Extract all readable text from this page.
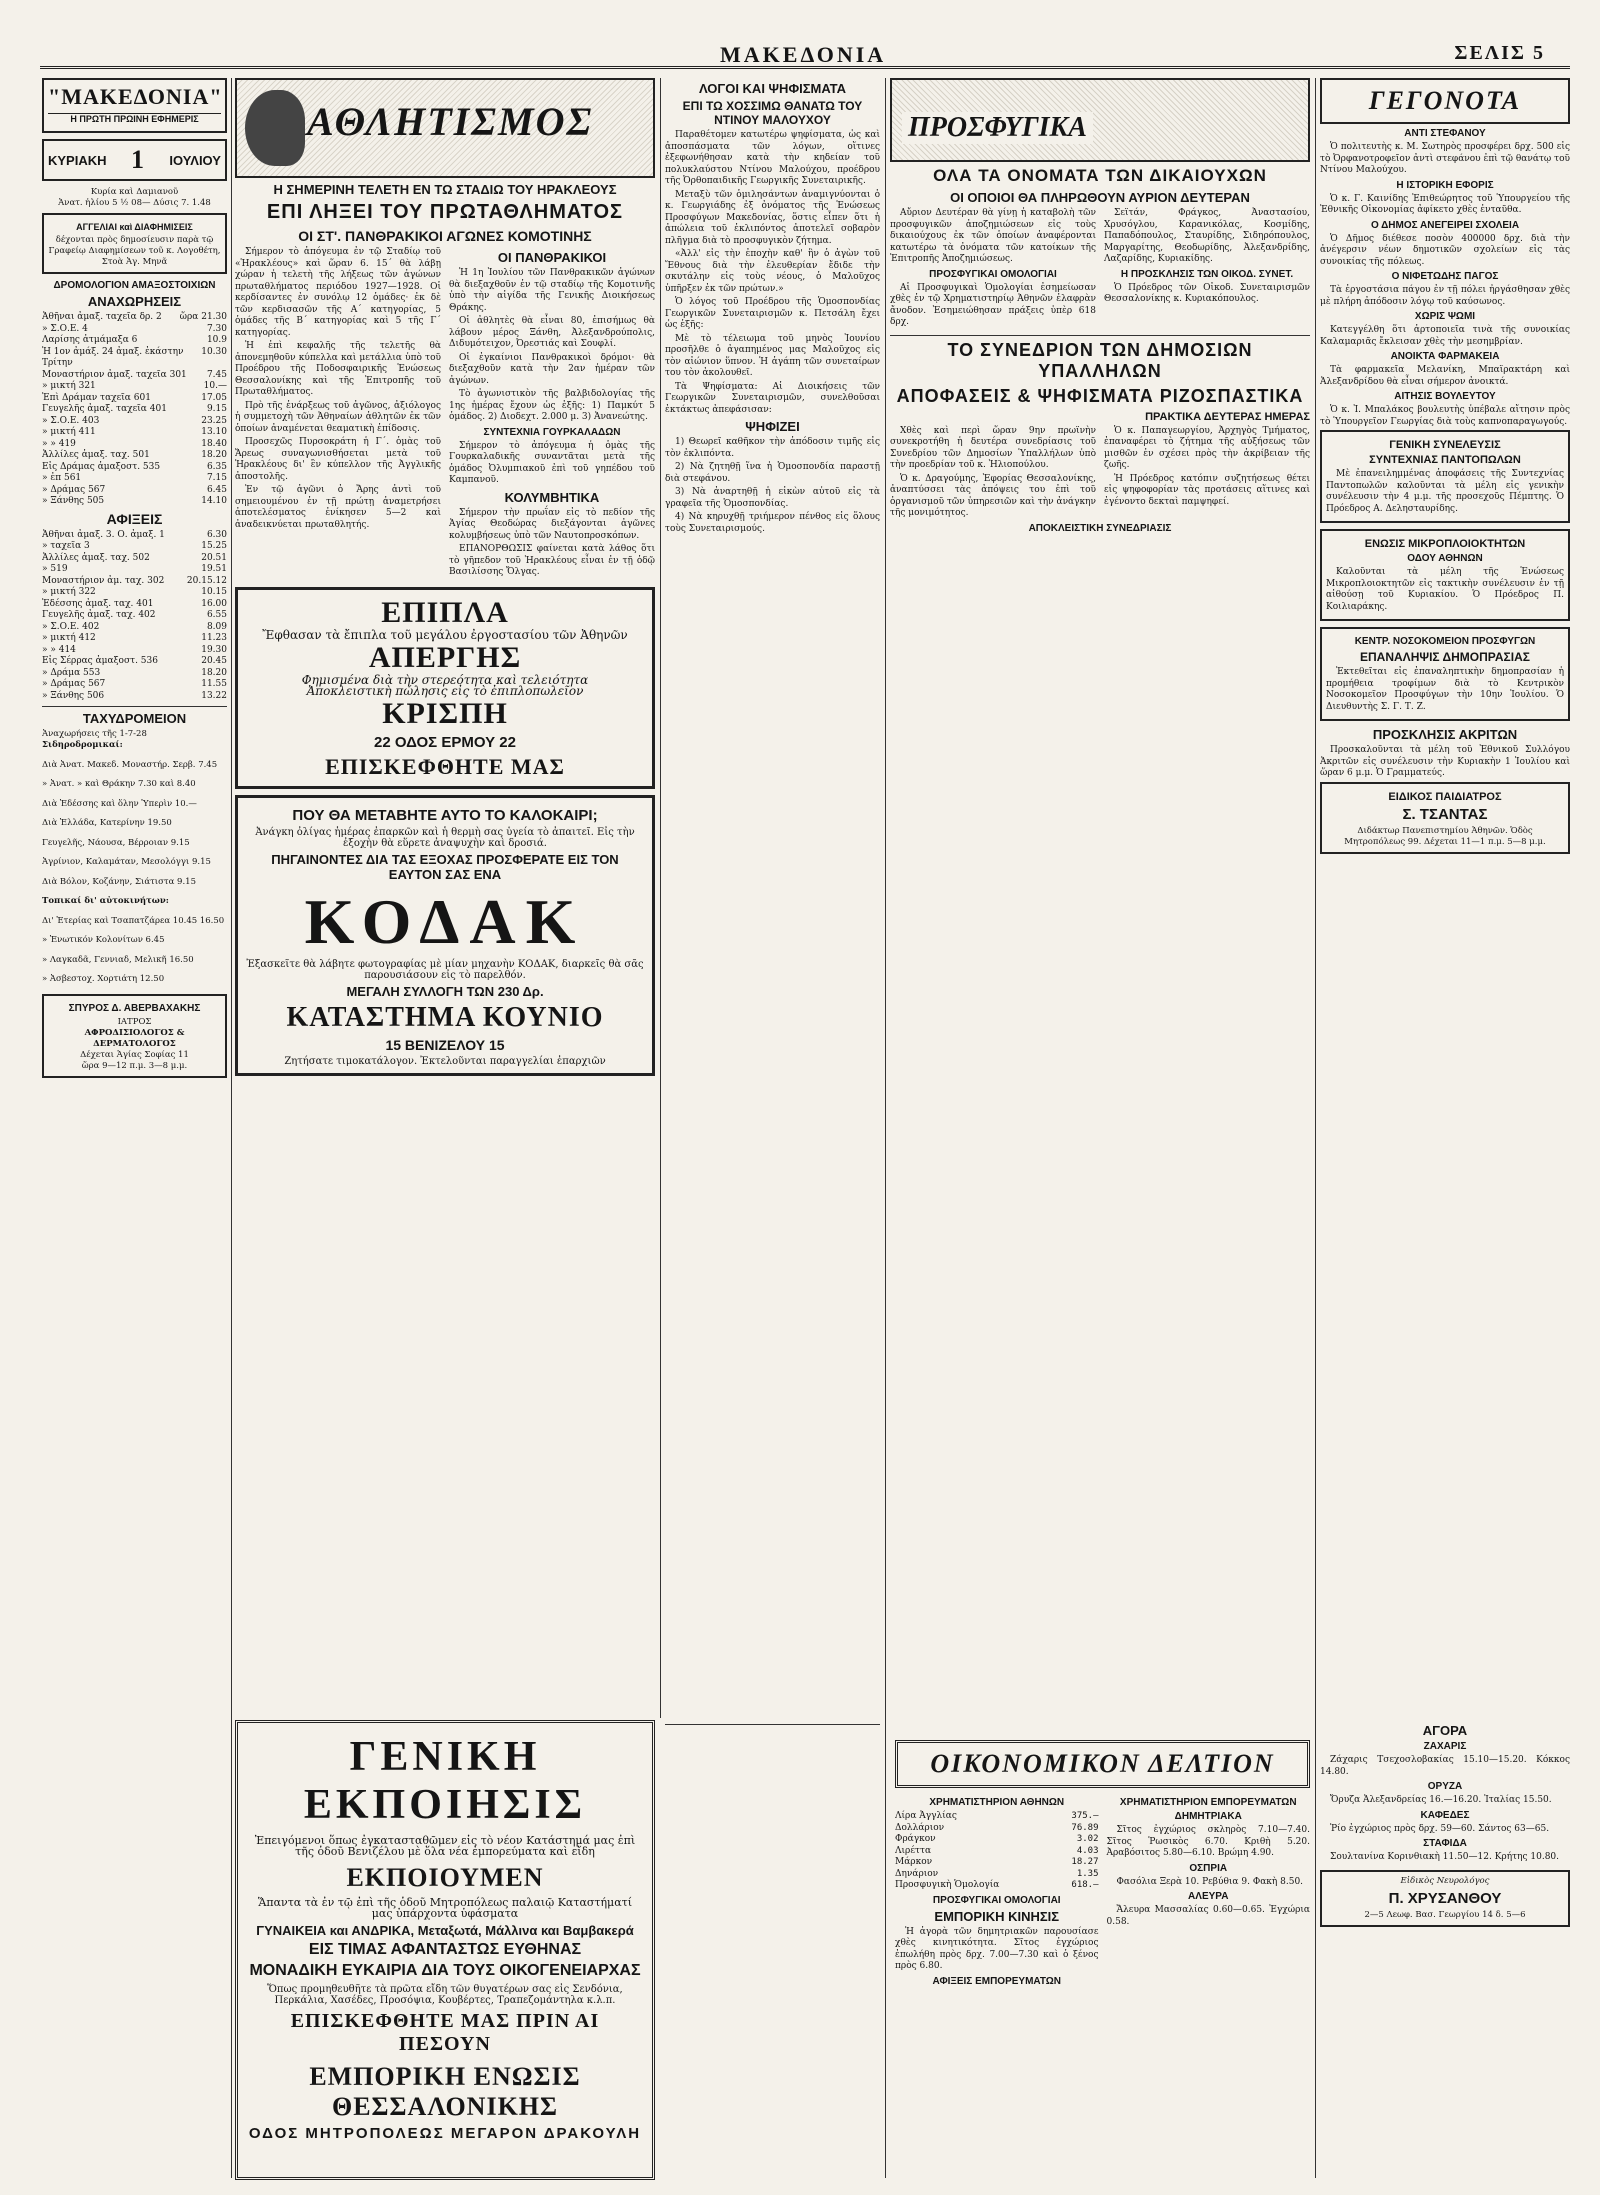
ΜΑΚΕΔΟΝΙΑ	ΣΕΛΙΣ 5
"ΜΑΚΕΔΟΝΙΑ"
Η ΠΡΩΤΗ ΠΡΩΙΝΗ ΕΦΗΜΕΡΙΣ
ΚΥΡΙΑΚΗ 1 ΙΟΥΛΙΟΥ
Κυρία καὶ Δαμιανοῦ
Ἀνατ. ἡλίου 5 ½ 08— Δύσις 7. 1.48
ΑΓΓΕΛΙΑΙ καὶ ΔΙΑΦΗΜΙΣΕΙΣ
δέχονται πρὸς δημοσίευσιν παρὰ τῷ Γραφείῳ Διαφημίσεων τοῦ κ. Λογοθέτη, Στοὰ Ἀγ. Μηνᾶ
ΔΡΟΜΟΛΟΓΙΟΝ ΑΜΑΞΟΣΤΟΙΧΙΩΝ
ΑΝΑΧΩΡΗΣΕΙΣ
Ἀθῆναι ἀμαξ. ταχεῖα δρ. 2 ὥρα 21.30
» Σ.Ο.Ε. 4	7.30
Λαρίσης ἀτμάμαξα 6	10.9
Ἡ 1ον ἀμάξ. 24 ἀμαξ. ἐκάστην Τρίτην
10.30
Μοναστήριον ἀμαξ. ταχεῖα 301 7.45
» μικτή 321	10.—
Ἐπὶ Δράμαν ταχεῖα 601	17.05
Γευγελῆς ἀμαξ. ταχεῖα 401	9.15
» Σ.Ο.Ε. 403	23.25
» μικτή 411	13.10
» » 419	18.40
Ἀλλίλες ἀμαξ. ταχ. 501	18.20
Εἰς Δράμας ἀμαξοστ. 535	6.35
» ἐπ 561	7.15
» Δράμας 567	6.45
» Ξάνθης 505	14.10
ΑΦΙΞΕΙΣ
Ἀθῆναι ἀμαξ. 3. Ο. ἀμαξ. 1	6.30
» ταχεῖα 3	15.25
Ἀλλίλες ἀμαξ. ταχ. 502	20.51
» 519	19.51
Μοναστήριον ἀμ. ταχ. 302	20.15.12
» μικτή 322	10.15
Ἐδέσσης ἀμαξ. ταχ. 401	16.00
Γευγελῆς ἀμαξ. ταχ. 402	6.55
» Σ.Ο.Ε. 402	8.09
» μικτή 412	11.23
» » 414	19.30
Εἰς Σέρρας ἀμαξοστ. 536	20.45
» Δράμα 553	18.20
» Δράμας 567	11.55
» Ξάνθης 506	13.22
ΤΑΧΥΔΡΟΜΕΙΟΝ
Ἀναχωρήσεις τῆς 1-7-28
Σιδηροδρομικαί:

Διὰ Ἀνατ. Μακεδ. Μοναστήρ. Σερβ. 7.45

» Ἀνατ. » καὶ Θράκην 7.30 καὶ 8.40

Διὰ Ἐδέσσης καὶ ὅλην Ὑπερὶν 10.—

Διὰ Ἑλλάδα, Κατερίνην 19.50

Γευγελῆς, Νάουσα, Βέρροιαν 9.15

Ἀγρίνιον, Καλαμάταν, Μεσολόγγι 9.15

Διὰ Βόλον, Κοζάνην, Σιάτιστα 9.15

Τοπικαί δι' αὐτοκινήτων:

Δι' Ἑτερίας καὶ Τσαπατζάρεα 10.45 16.50

» Ἐνωτικόν Κολονίτων 6.45

» Λαγκαδᾶ, Γεννιαδ, Μελικῆ 16.50

» Ἀσβεστοχ. Χορτιάτη 12.50

ΣΠΥΡΟΣ Δ. ΑΒΕΡΒΑΧΑΚΗΣ
ΙΑΤΡΟΣ
ΑΦΡΟΔΙΣΙΟΛΟΓΟΣ & ΔΕΡΜΑΤΟΛΟΓΟΣ
Δέχεται Ἁγίας Σοφίας 11
ὥρα 9—12 π.μ. 3—8 μ.μ.
ΑΘΛΗΤΙΣΜΟΣ
Η ΣΗΜΕΡΙΝΗ ΤΕΛΕΤΗ ΕΝ ΤΩ ΣΤΑΔΙΩ ΤΟΥ ΗΡΑΚΛΕΟΥΣ
ΕΠΙ ΛΗΞΕΙ ΤΟΥ ΠΡΩΤΑΘΛΗΜΑΤΟΣ
ΟΙ ΣΤ'. ΠΑΝΘΡΑΚΙΚΟΙ ΑΓΩΝΕΣ ΚΟΜΟΤΙΝΗΣ

Σήμερον τὸ ἀπόγευμα ἐν τῷ Σταδίῳ τοῦ «Ἡρακλέους» καὶ ὥραν 6. 15΄ θὰ λάβῃ χώραν ἡ τελετὴ τῆς λήξεως τῶν ἀγώνων πρωταθλήματος περιόδου 1927—1928. Οἱ κερδίσαντες ἐν συνόλῳ 12 ὁμάδες· ἐκ δὲ τῶν κερδισασῶν τῆς Α΄ κατηγορίας, 5 ὁμάδες τῆς Β΄ κατηγορίας καὶ 5 τῆς Γ΄ κατηγορίας.

Ἡ ἐπὶ κεφαλῆς τῆς τελετῆς θὰ ἀπονεμηθοῦν κύπελλα καὶ μετάλλια ὑπὸ τοῦ Προέδρου τῆς Ποδοσφαιρικῆς Ἑνώσεως Θεσσαλονίκης καὶ τῆς Ἐπιτροπῆς τοῦ Πρωταθλήματος.

Πρὸ τῆς ἐνάρξεως τοῦ ἀγῶνος, ἀξιόλογος ἡ συμμετοχὴ τῶν Ἀθηναίων ἀθλητῶν ἐκ τῶν ὁποίων ἀναμένεται θεαματικὴ ἐπίδοσις.

Προσεχῶς Πυρσοκράτη ἡ Γ΄. ὁμὰς τοῦ Ἄρεως συναγωνισθήσεται μετὰ τοῦ Ἡρακλέους δι' ἓν κύπελλον τῆς Ἀγγλικῆς ἀποστολῆς.

Ἐν τῷ ἀγῶνι ὁ Ἄρης ἀντὶ τοῦ σημειουμένου ἐν τῇ πρώτῃ ἀναμετρήσει ἀποτελέσματος ἐνίκησεν 5—2 καὶ ἀναδεικνύεται πρωταθλητής.

ΟΙ ΠΑΝΘΡΑΚΙΚΟΙ

Ἡ 1η Ἰουλίου τῶν Πανθρακικῶν ἀγώνων θὰ διεξαχθοῦν ἐν τῷ σταδίῳ τῆς Κομοτινῆς ὑπὸ τὴν αἰγίδα τῆς Γενικῆς Διοικήσεως Θράκης.

Οἱ ἀθλητὲς θὰ εἶναι 80, ἐπισήμως θὰ λάβουν μέρος Ξάνθη, Ἀλεξανδρούπολις, Διδυμότειχον, Ὀρεστιάς καὶ Σουφλί.

Οἱ ἐγκαίνιοι Πανθρακικοὶ δρόμοι· θὰ διεξαχθοῦν κατὰ τὴν 2αν ἡμέραν τῶν ἀγώνων.

Τὸ ἀγωνιστικὸν τῆς βαλβιδολογίας τῆς 1ης ἡμέρας ἔχουν ὡς ἑξῆς: 1) Παμκύτ 5 ὁμάδος. 2) Διοδεχτ. 2.000 μ. 3) Ἀνανεώτης.

ΣΥΝΤΕΧΝΙΑ ΓΟΥΡΚΑΛΑΔΩΝ

Σήμερον τὸ ἀπόγευμα ἡ ὁμὰς τῆς Γουρκαλαδικῆς συναντᾶται μετὰ τῆς ὁμάδος Ὀλυμπιακοῦ ἐπὶ τοῦ γηπέδου τοῦ Καμπανοῦ.

ΚΟΛΥΜΒΗΤΙΚΑ

Σήμερον τὴν πρωΐαν εἰς τὸ πεδίον τῆς Ἀγίας Θεοδώρας διεξάγονται ἀγῶνες κολυμβήσεως ὑπὸ τῶν Ναυτοπροσκόπων.

ΕΠΑΝΟΡΘΩΣΙΣ φαίνεται κατὰ λάθος ὅτι τὸ γῆπεδον τοῦ Ἡρακλέους εἶναι ἐν τῇ ὁδῷ Βασιλίσσης Ὄλγας.

ΕΠΙΠΛΑ
Ἔφθασαν τὰ ἔπιπλα τοῦ μεγάλου ἐργοστασίου τῶν Ἀθηνῶν
ΑΠΕΡΓΗΣ
Φημισμένα διὰ τὴν στερεότητα καὶ τελειότητα
Ἀποκλειστικὴ πώλησις εἰς τὸ ἐπιπλοπωλεῖον
ΚΡΙΣΠΗ
22 ΟΔΟΣ ΕΡΜΟΥ 22
ΕΠΙΣΚΕΦΘΗΤΕ ΜΑΣ
ΠΟΥ ΘΑ ΜΕΤΑΒΗΤΕ ΑΥΤΟ ΤΟ ΚΑΛΟΚΑΙΡΙ;
Ἀνάγκη ὀλίγας ἡμέρας ἐπαρκῶν καὶ ἡ θερμὴ σας ὑγεία τὸ ἀπαιτεῖ. Εἰς τὴν ἐξοχὴν θὰ εὕρετε ἀναψυχὴν καὶ δροσιά.
ΠΗΓΑΙΝΟΝΤΕΣ ΔΙΑ ΤΑΣ ΕΞΟΧΑΣ ΠΡΟΣΦΕΡΑΤΕ ΕΙΣ ΤΟΝ ΕΑΥΤΟΝ ΣΑΣ ΕΝΑ
ΚΟΔΑΚ
Ἐξασκεῖτε θὰ λάβητε φωτογραφίας μὲ μίαν μηχανὴν ΚΟΔΑΚ, διαρκεῖς θὰ σᾶς παρουσιάσουν εἰς τὸ παρελθόν.
ΜΕΓΑΛΗ ΣΥΛΛΟΓΗ ΤΩΝ 230 Δρ.
ΚΑΤΑΣΤΗΜΑ ΚΟΥΝΙΟ
15 ΒΕΝΙΖΕΛΟΥ 15
Ζητήσατε τιμοκατάλογον. Ἐκτελοῦνται παραγγελίαι ἐπαρχιῶν
ΛΟΓΟΙ ΚΑΙ ΨΗΦΙΣΜΑΤΑ
ΕΠΙ ΤΩ ΧΟΣΣΙΜΩ ΘΑΝΑΤΩ ΤΟΥ ΝΤΙΝΟΥ ΜΑΛΟΥΧΟΥ

Παραθέτομεν κατωτέρω ψηφίσματα, ὡς καὶ ἀποσπάσματα τῶν λόγων, οἵτινες ἐξεφωνήθησαν κατὰ τὴν κηδείαν τοῦ πολυκλαύστου Ντίνου Μαλούχου, προέδρου τῆς Ὀρθοπαιδικῆς Γεωργικῆς Συνεταιρικῆς.

Μεταξὺ τῶν ὁμιλησάντων ἀναμιγνύονται ὁ κ. Γεωργιάδης ἐξ ὀνόματος τῆς Ἑνώσεως Προσφύγων Μακεδονίας, ὅστις εἶπεν ὅτι ἡ ἀπώλεια τοῦ ἐκλιπόντος ἀποτελεῖ σοβαρὸν πλῆγμα διὰ τὸ προσφυγικὸν ζήτημα.

«Ἀλλ' εἰς τὴν ἐποχὴν καθ' ἣν ὁ ἀγὼν τοῦ Ἔθνους διὰ τὴν ἐλευθερίαν ἔδιδε τὴν σκυτάλην εἰς τοὺς νέους, ὁ Μαλοῦχος ὑπῆρξεν ἐκ τῶν πρώτων.»

Ὁ λόγος τοῦ Προέδρου τῆς Ὁμοσπονδίας Γεωργικῶν Συνεταιρισμῶν κ. Πετσάλη ἔχει ὡς ἑξῆς:

Μὲ τὸ τέλειωμα τοῦ μηνὸς Ἰουνίου προσῆλθε ὁ ἀγαπημένος μας Μαλοῦχος εἰς τὸν αἰώνιον ὕπνον. Ἡ ἀγάπη τῶν συνεταίρων του τὸν ἀκολουθεῖ.

Τὰ Ψηφίσματα: Αἱ Διοικήσεις τῶν Γεωργικῶν Συνεταιρισμῶν, συνελθοῦσαι ἐκτάκτως ἀπεφάσισαν:

ΨΗΦΙΖΕΙ

1) Θεωρεῖ καθῆκον τὴν ἀπόδοσιν τιμῆς εἰς τὸν ἐκλιπόντα.

2) Νὰ ζητηθῇ ἵνα ἡ Ὁμοσπονδία παραστῇ διὰ στεφάνου.

3) Νὰ ἀναρτηθῇ ἡ εἰκὼν αὐτοῦ εἰς τὰ γραφεῖα τῆς Ὁμοσπονδίας.

4) Νὰ κηρυχθῇ τριήμερον πένθος εἰς ὅλους τοὺς Συνεταιρισμούς.

ΠΡΟΣΦΥΓΙΚΑ
ΟΛΑ ΤΑ ΟΝΟΜΑΤΑ ΤΩΝ ΔΙΚΑΙΟΥΧΩΝ
ΟΙ ΟΠΟΙΟΙ ΘΑ ΠΛΗΡΩΘΟΥΝ ΑΥΡΙΟΝ ΔΕΥΤΕΡΑΝ

Αὔριον Δευτέραν θὰ γίνῃ ἡ καταβολὴ τῶν προσφυγικῶν ἀποζημιώσεων εἰς τοὺς δικαιούχους ἐκ τῶν ὁποίων ἀναφέρονται κατωτέρω τὰ ὀνόματα τῶν κατοίκων τῆς Ἐπιτροπῆς Ἀποζημιώσεως.

ΠΡΟΣΦΥΓΙΚΑΙ ΟΜΟΛΟΓΙΑΙ

Αἱ Προσφυγικαὶ Ὁμολογίαι ἐσημείωσαν χθὲς ἐν τῷ Χρηματιστηρίῳ Ἀθηνῶν ἐλαφρὰν ἄνοδον. Ἐσημειώθησαν πράξεις ὑπὲρ 618 δρχ.

Σεϊτάν, Φράγκος, Ἀναστασίου, Χρυσόγλου, Καρανικόλας, Κοσμίδης, Παπαδόπουλος, Σταυρίδης, Σιδηρόπουλος, Μαργαρίτης, Θεοδωρίδης, Ἀλεξανδρίδης, Λαζαρίδης, Κυριακίδης.

Η ΠΡΟΣΚΛΗΣΙΣ ΤΩΝ ΟΙΚΟΔ. ΣΥΝΕΤ.

Ὁ Πρόεδρος τῶν Οἰκοδ. Συνεταιρισμῶν Θεσσαλονίκης κ. Κυριακόπουλος.

ΤΟ ΣΥΝΕΔΡΙΟΝ ΤΩΝ ΔΗΜΟΣΙΩΝ ΥΠΑΛΛΗΛΩΝ
ΑΠΟΦΑΣΕΙΣ & ΨΗΦΙΣΜΑΤΑ ΡΙΖΟΣΠΑΣΤΙΚΑ
ΠΡΑΚΤΙΚΑ ΔΕΥΤΕΡΑΣ ΗΜΕΡΑΣ

Χθὲς καὶ περὶ ὥραν 9ην πρωϊνὴν συνεκροτήθη ἡ δευτέρα συνεδρίασις τοῦ Συνεδρίου τῶν Δημοσίων Ὑπαλλήλων ὑπὸ τὴν προεδρίαν τοῦ κ. Ἠλιοπούλου.

Ὁ κ. Δραγούμης, Ἐφορίας Θεσσαλονίκης, ἀναπτύσσει τὰς ἀπόψεις του ἐπὶ τοῦ ὀργανισμοῦ τῶν ὑπηρεσιῶν καὶ τὴν ἀνάγκην τῆς μονιμότητος.

Ὁ κ. Παπαγεωργίου, Ἀρχηγὸς Τμήματος, ἐπαναφέρει τὸ ζήτημα τῆς αὐξήσεως τῶν μισθῶν ἐν σχέσει πρὸς τὴν ἀκρίβειαν τῆς ζωῆς.

Ἡ Πρόεδρος κατόπιν συζητήσεως θέτει εἰς ψηφοφορίαν τὰς προτάσεις αἵτινες καὶ ἐγένοντο δεκταὶ παμψηφεί.

ΑΠΟΚΛΕΙΣΤΙΚΗ ΣΥΝΕΔΡΙΑΣΙΣ
ΟΙΚΟΝΟΜΙΚΟΝ ΔΕΛΤΙΟΝ
ΧΡΗΜΑΤΙΣΤΗΡΙΟΝ ΑΘΗΝΩΝ
Λίρα Ἀγγλίας	375.—
Δολλάριον	76.89
Φράγκον	3.02
Λιρέττα	4.03
Μάρκον	18.27
Δηνάριον	1.35
Προσφυγικὴ Ὁμολογία	618.—
ΠΡΟΣΦΥΓΙΚΑΙ ΟΜΟΛΟΓΙΑΙ
ΕΜΠΟΡΙΚΗ ΚΙΝΗΣΙΣ

Ἡ ἀγορὰ τῶν δημητριακῶν παρουσίασε χθὲς κινητικότητα. Σῖτος ἐγχώριος ἐπωλήθη πρὸς δρχ. 7.00—7.30 καὶ ὁ ξένος πρὸς 6.80.

ΑΦΙΞΕΙΣ ΕΜΠΟΡΕΥΜΑΤΩΝ
ΧΡΗΜΑΤΙΣΤΗΡΙΟΝ ΕΜΠΟΡΕΥΜΑΤΩΝ
ΔΗΜΗΤΡΙΑΚΑ

Σῖτος ἐγχώριος σκληρὸς 7.10—7.40. Σῖτος Ῥωσικὸς 6.70. Κριθὴ 5.20. Ἀραβόσιτος 5.80—6.10. Βρώμη 4.90.

ΟΣΠΡΙΑ

Φασόλια Ξερὰ 10. Ρεβύθια 9. Φακὴ 8.50.

ΑΛΕΥΡΑ

Ἄλευρα Μασσαλίας 0.60—0.65. Ἐγχώρια 0.58.

ΓΕΓΟΝΟΤΑ
ΑΝΤΙ ΣΤΕΦΑΝΟΥ

Ὁ πολιτευτὴς κ. Μ. Σωτηρὸς προσφέρει δρχ. 500 εἰς τὸ Ὀρφανοτροφεῖον ἀντὶ στεφάνου ἐπὶ τῷ θανάτῳ τοῦ Ντίνου Μαλούχου.

Η ΙΣΤΟΡΙΚΗ ΕΦΟΡΙΣ

Ὁ κ. Γ. Καινίδης Ἐπιθεώρητος τοῦ Ὑπουργείου τῆς Ἐθνικῆς Οἰκονομίας ἀφίκετο χθὲς ἐνταῦθα.

Ο ΔΗΜΟΣ ΑΝΕΓΕΙΡΕΙ ΣΧΟΛΕΙΑ

Ὁ Δῆμος διέθεσε ποσὸν 400000 δρχ. διὰ τὴν ἀνέγερσιν νέων δημοτικῶν σχολείων εἰς τὰς συνοικίας τῆς πόλεως.

Ο ΝΙΦΕΤΩΔΗΣ ΠΑΓΟΣ

Τὰ ἐργοστάσια πάγου ἐν τῇ πόλει ἠργάσθησαν χθὲς μὲ πλήρη ἀπόδοσιν λόγῳ τοῦ καύσωνος.

ΧΩΡΙΣ ΨΩΜΙ

Κατεγγέλθη ὅτι ἀρτοποιεῖα τινὰ τῆς συνοικίας Καλαμαριᾶς ἔκλεισαν χθὲς τὴν μεσημβρίαν.

ΑΝΟΙΚΤΑ ΦΑΡΜΑΚΕΙΑ

Τὰ φαρμακεῖα Μελανίκη, Μπαϊρακτάρη καὶ Ἀλεξανδρίδου θὰ εἶναι σήμερον ἀνοικτά.

ΑΙΤΗΣΙΣ ΒΟΥΛΕΥΤΟΥ

Ὁ κ. Ἰ. Μπαλάκος βουλευτὴς ὑπέβαλε αἴτησιν πρὸς τὸ Ὑπουργεῖον Γεωργίας διὰ τοὺς καπνοπαραγωγούς.

ΓΕΝΙΚΗ ΣΥΝΕΛΕΥΣΙΣ
ΣΥΝΤΕΧΝΙΑΣ ΠΑΝΤΟΠΩΛΩΝ

Μὲ ἐπανειλημμένας ἀποφάσεις τῆς Συντεχνίας Παντοπωλῶν καλοῦνται τὰ μέλη εἰς γενικὴν συνέλευσιν τὴν 4 μ.μ. τῆς προσεχοῦς Πέμπτης. Ὁ Πρόεδρος Α. Δελησταυρίδης.

ΕΝΩΣΙΣ ΜΙΚΡΟΠΛΟΙΟΚΤΗΤΩΝ
ΟΔΟΥ ΑΘΗΝΩΝ

Καλοῦνται τὰ μέλη τῆς Ἑνώσεως Μικροπλοιοκτητῶν εἰς τακτικὴν συνέλευσιν ἐν τῇ αἰθούσῃ τοῦ Κυριακίου. Ὁ Πρόεδρος Π. Κοιλιαράκης.

ΚΕΝΤΡ. ΝΟΣΟΚΟΜΕΙΟΝ ΠΡΟΣΦΥΓΩΝ
ΕΠΑΝΑΛΗΨΙΣ ΔΗΜΟΠΡΑΣΙΑΣ

Ἐκτεθεῖται εἰς ἐπαναληπτικὴν δημοπρασίαν ἡ προμήθεια τροφίμων διὰ τὸ Κεντρικὸν Νοσοκομεῖον Προσφύγων τὴν 10ην Ἰουλίου. Ὁ Διευθυντὴς Σ. Γ. Τ. Ζ.

ΠΡΟΣΚΛΗΣΙΣ ΑΚΡΙΤΩΝ

Προσκαλοῦνται τὰ μέλη τοῦ Ἐθνικοῦ Συλλόγου Ἀκριτῶν εἰς συνέλευσιν τὴν Κυριακὴν 1 Ἰουλίου καὶ ὥραν 6 μ.μ. Ὁ Γραμματεύς.

ΕΙΔΙΚΟΣ ΠΑΙΔΙΑΤΡΟΣ
Σ. ΤΣΑΝΤΑΣ
Διδάκτωρ Πανεπιστημίου Ἀθηνῶν. Ὁδὸς Μητροπόλεως 99. Δέχεται 11—1 π.μ. 5—8 μ.μ.
ΑΓΟΡΑ
ΖΑΧΑΡΙΣ

Ζάχαρις Τσεχοσλοβακίας 15.10—15.20. Κόκκος 14.80.

ΟΡΥΖΑ

Ὄρυζα Ἀλεξανδρείας 16.—16.20. Ἰταλίας 15.50.

ΚΑΦΕΔΕΣ

Ῥίο ἐγχώριος πρὸς δρχ. 59—60. Σάντος 63—65.

ΣΤΑΦΙΔΑ

Σουλτανίνα Κορινθιακὴ 11.50—12. Κρήτης 10.80.

Εἰδικὸς Νευρολόγος
Π. ΧΡΥΣΑΝΘΟΥ
2—5 Λεωφ. Βασ. Γεωργίου 14 δ. 5—6
ΓΕΝΙΚΗ ΕΚΠΟΙΗΣΙΣ
Ἐπειγόμενοι ὅπως ἐγκατασταθῶμεν εἰς τὸ νέον Κατάστημά μας ἐπὶ τῆς ὁδοῦ Βενιζέλου μὲ ὅλα νέα ἐμπορεύματα καὶ εἴδη
ΕΚΠΟΙΟΥΜΕΝ
Ἅπαντα τὰ ἐν τῷ ἐπὶ τῆς ὁδοῦ Μητροπόλεως παλαιῷ Καταστήματί μας ὑπάρχοντα ὑφάσματα
ΓΥΝΑΙΚΕΙΑ και ΑΝΔΡΙΚΑ, Μεταξωτά, Μάλλινα και Βαμβακερά
ΕΙΣ ΤΙΜΑΣ ΑΦΑΝΤΑΣΤΩΣ ΕΥΘΗΝΑΣ
ΜΟΝΑΔΙΚΗ ΕΥΚΑΙΡΙΑ ΔΙΑ ΤΟΥΣ ΟΙΚΟΓΕΝΕΙΑΡΧΑΣ
Ὅπως προμηθευθῆτε τὰ πρῶτα εἴδη τῶν θυγατέρων σας εἰς Σενδόνια, Περκάλια, Χασέδες, Προσόψια, Κουβέρτες, Τραπεζομάντηλα κ.λ.π.
ΕΠΙΣΚΕΦΘΗΤΕ ΜΑΣ ΠΡΙΝ ΑΙ ΠΕΣΟΥΝ
ΕΜΠΟΡΙΚΗ ΕΝΩΣΙΣ ΘΕΣΣΑΛΟΝΙΚΗΣ
ΟΔΟΣ ΜΗΤΡΟΠΟΛΕΩΣ ΜΕΓΑΡΟΝ ΔΡΑΚΟΥΛΗ
